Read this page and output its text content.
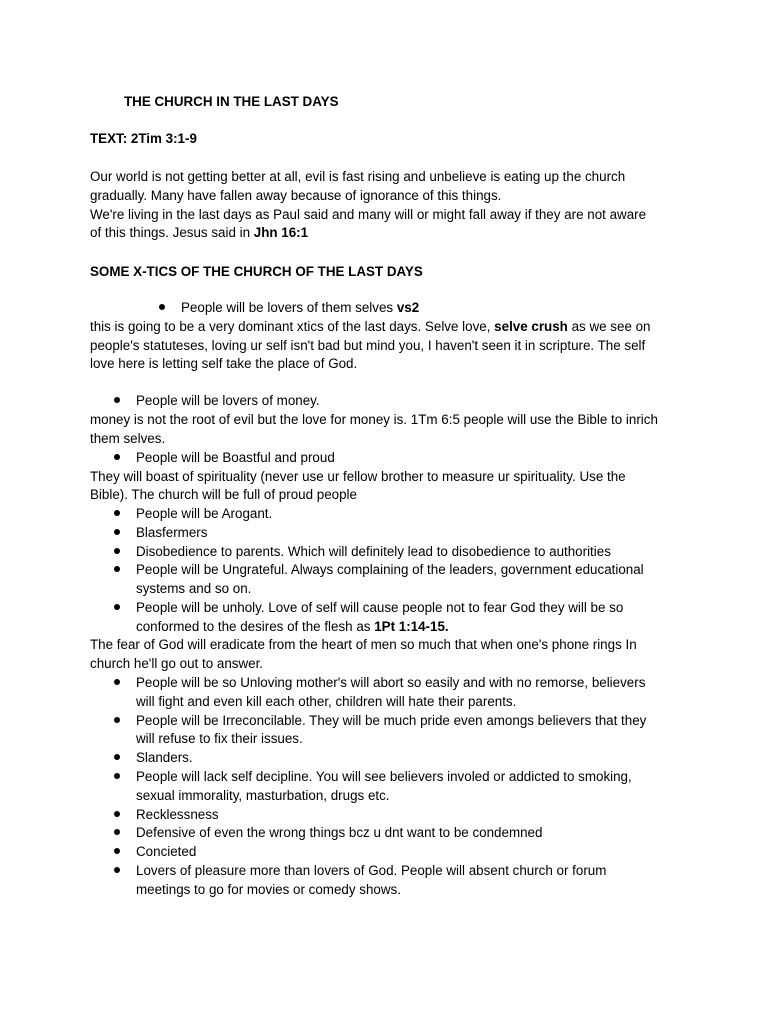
THE CHURCH IN THE LAST DAYS
TEXT: 2Tim 3:1-9
Our world is not getting better at all, evil is fast rising and unbelieve is eating up the church
gradually. Many have fallen away because of ignorance of this things.
We're living in the last days as Paul said and many will or might fall away if they are not aware
of this things. Jesus said in Jhn 16:1
SOME X-TICS OF THE CHURCH OF THE LAST DAYS
People will be lovers of them selves vs2
this is going to be a very dominant xtics of the last days. Selve love, selve crush as we see on
people's statuteses, loving ur self isn't bad but mind you, I haven't seen it in scripture. The self
love here is letting self take the place of God.
People will be lovers of money.
money is not the root of evil but the love for money is. 1Tm 6:5 people will use the Bible to inrich
them selves.
People will be Boastful and proud
They will boast of spirituality (never use ur fellow brother to measure ur spirituality. Use the
Bible). The church will be full of proud people
People will be Arogant.
Blasfermers
Disobedience to parents. Which will definitely lead to disobedience to authorities
People will be Ungrateful. Always complaining of the leaders, government educational
systems and so on.
People will be unholy. Love of self will cause people not to fear God they will be so
conformed to the desires of the flesh as 1Pt 1:14-15.
The fear of God will eradicate from the heart of men so much that when one's phone rings In
church he'll go out to answer.
People will be so Unloving mother's will abort so easily and with no remorse, believers
will fight and even kill each other, children will hate their parents.
People will be Irreconcilable. They will be much pride even amongs believers that they
will refuse to fix their issues.
Slanders.
People will lack self decipline. You will see believers involed or addicted to smoking,
sexual immorality, masturbation, drugs etc.
Recklessness
Defensive of even the wrong things bcz u dnt want to be condemned
Concieted
Lovers of pleasure more than lovers of God. People will absent church or forum
meetings to go for movies or comedy shows.
